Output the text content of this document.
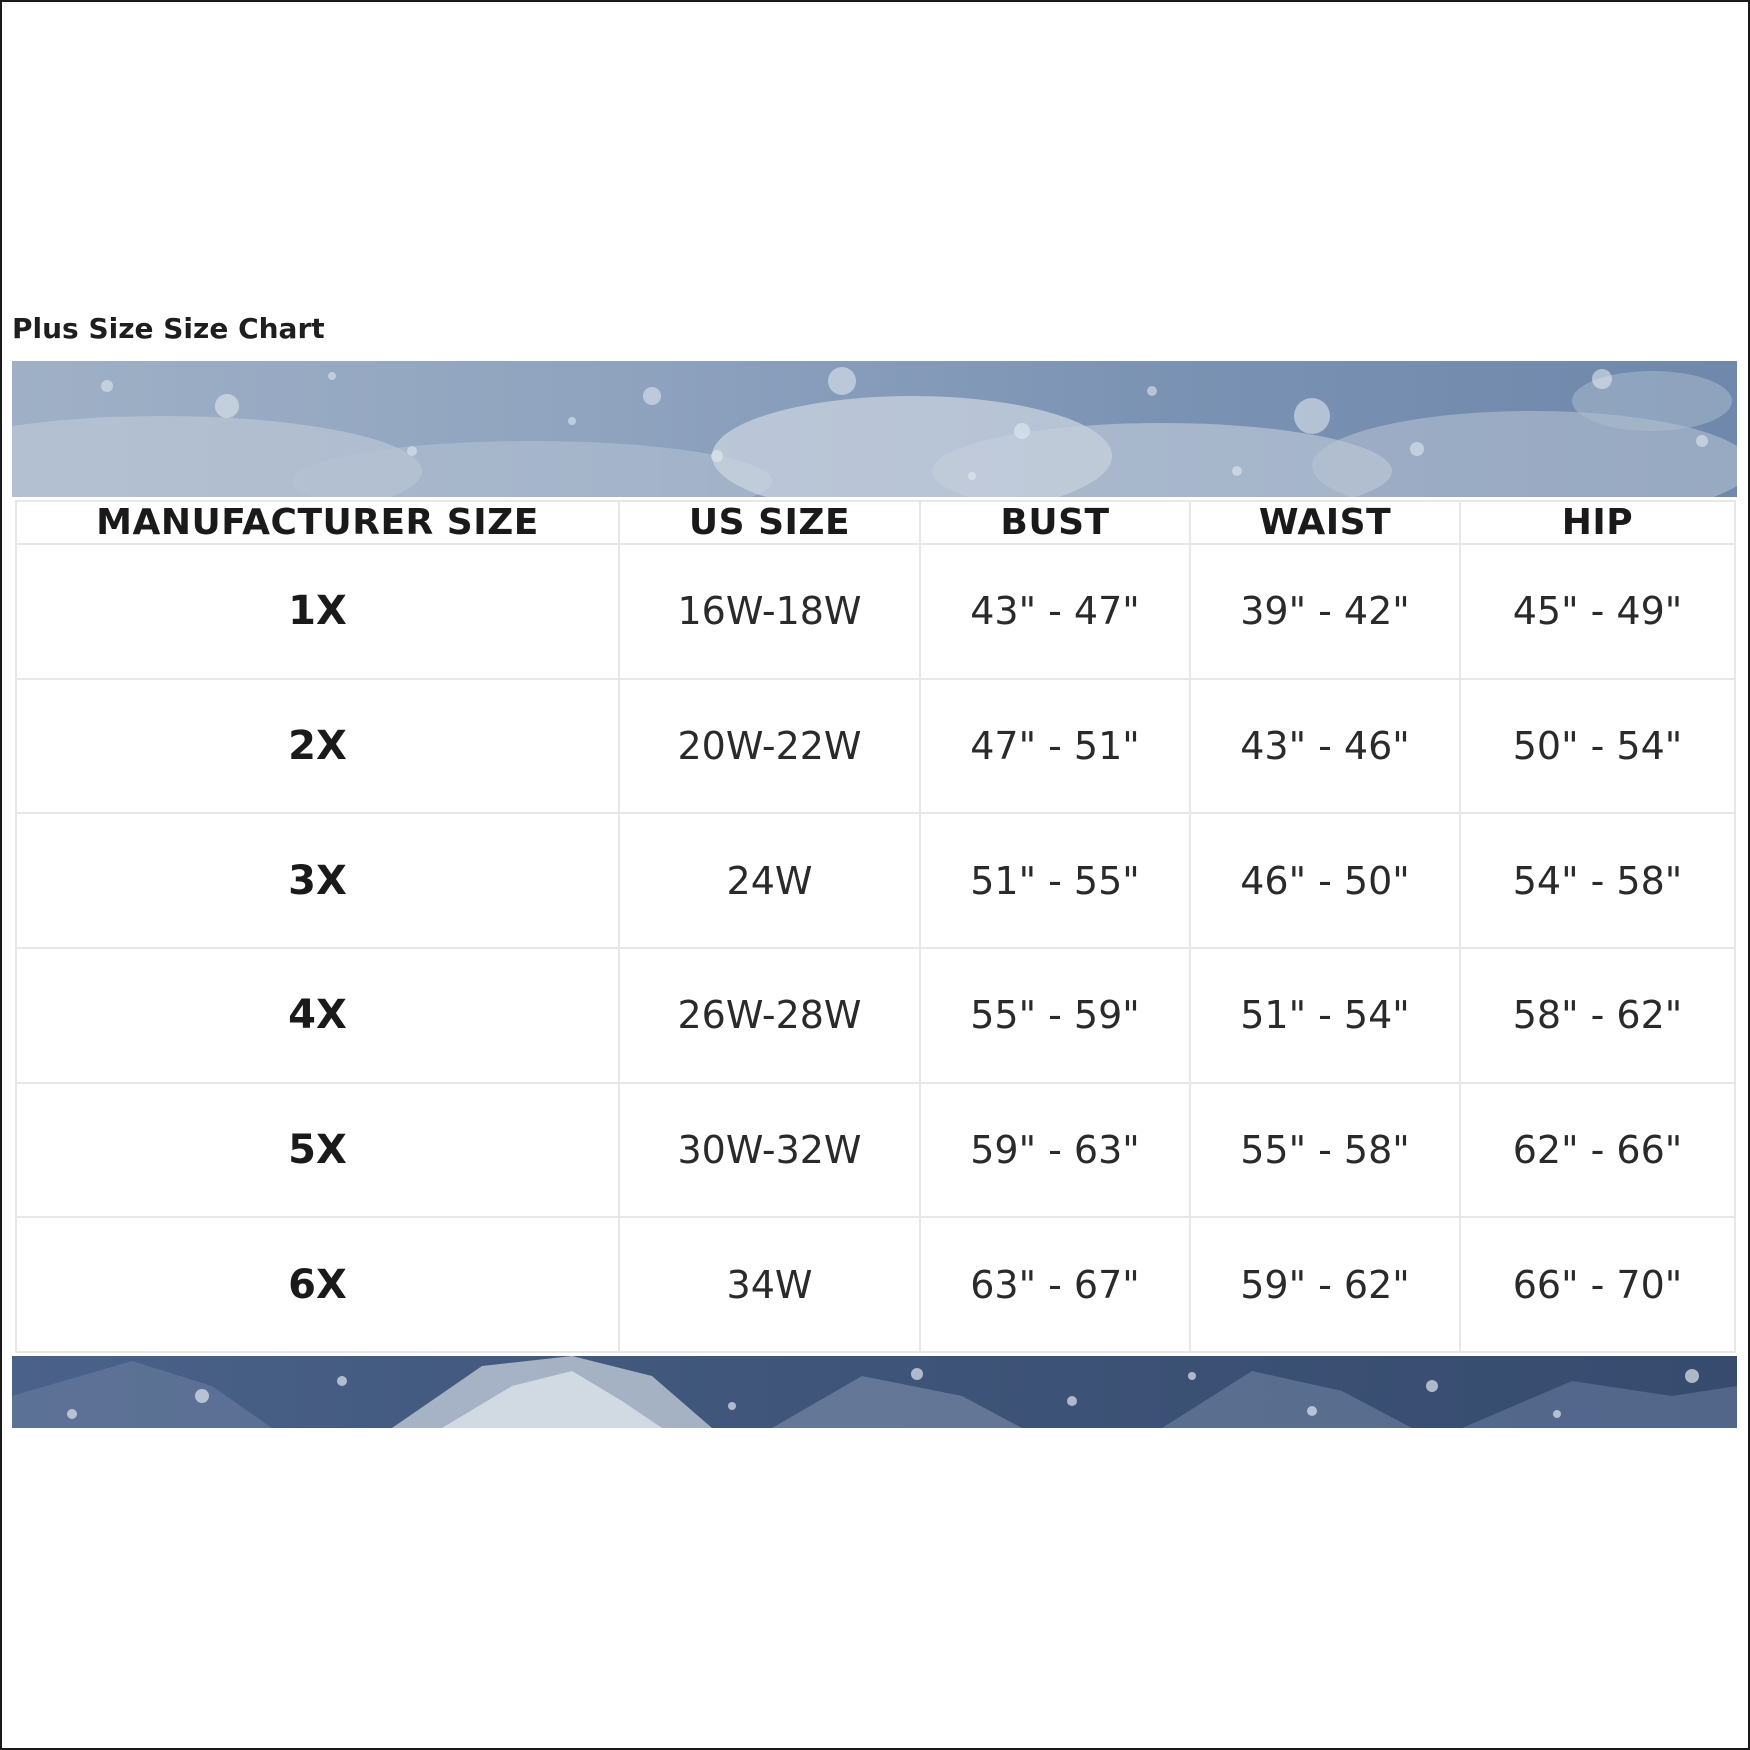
Plus Size Size Chart
MANUFACTURER SIZE	US SIZE	BUST	WAIST	HIP
1X	16W-18W	43" - 47"	39" - 42"	45" - 49"
2X	20W-22W	47" - 51"	43" - 46"	50" - 54"
3X	24W	51" - 55"	46" - 50"	54" - 58"
4X	26W-28W	55" - 59"	51" - 54"	58" - 62"
5X	30W-32W	59" - 63"	55" - 58"	62" - 66"
6X	34W	63" - 67"	59" - 62"	66" - 70"
